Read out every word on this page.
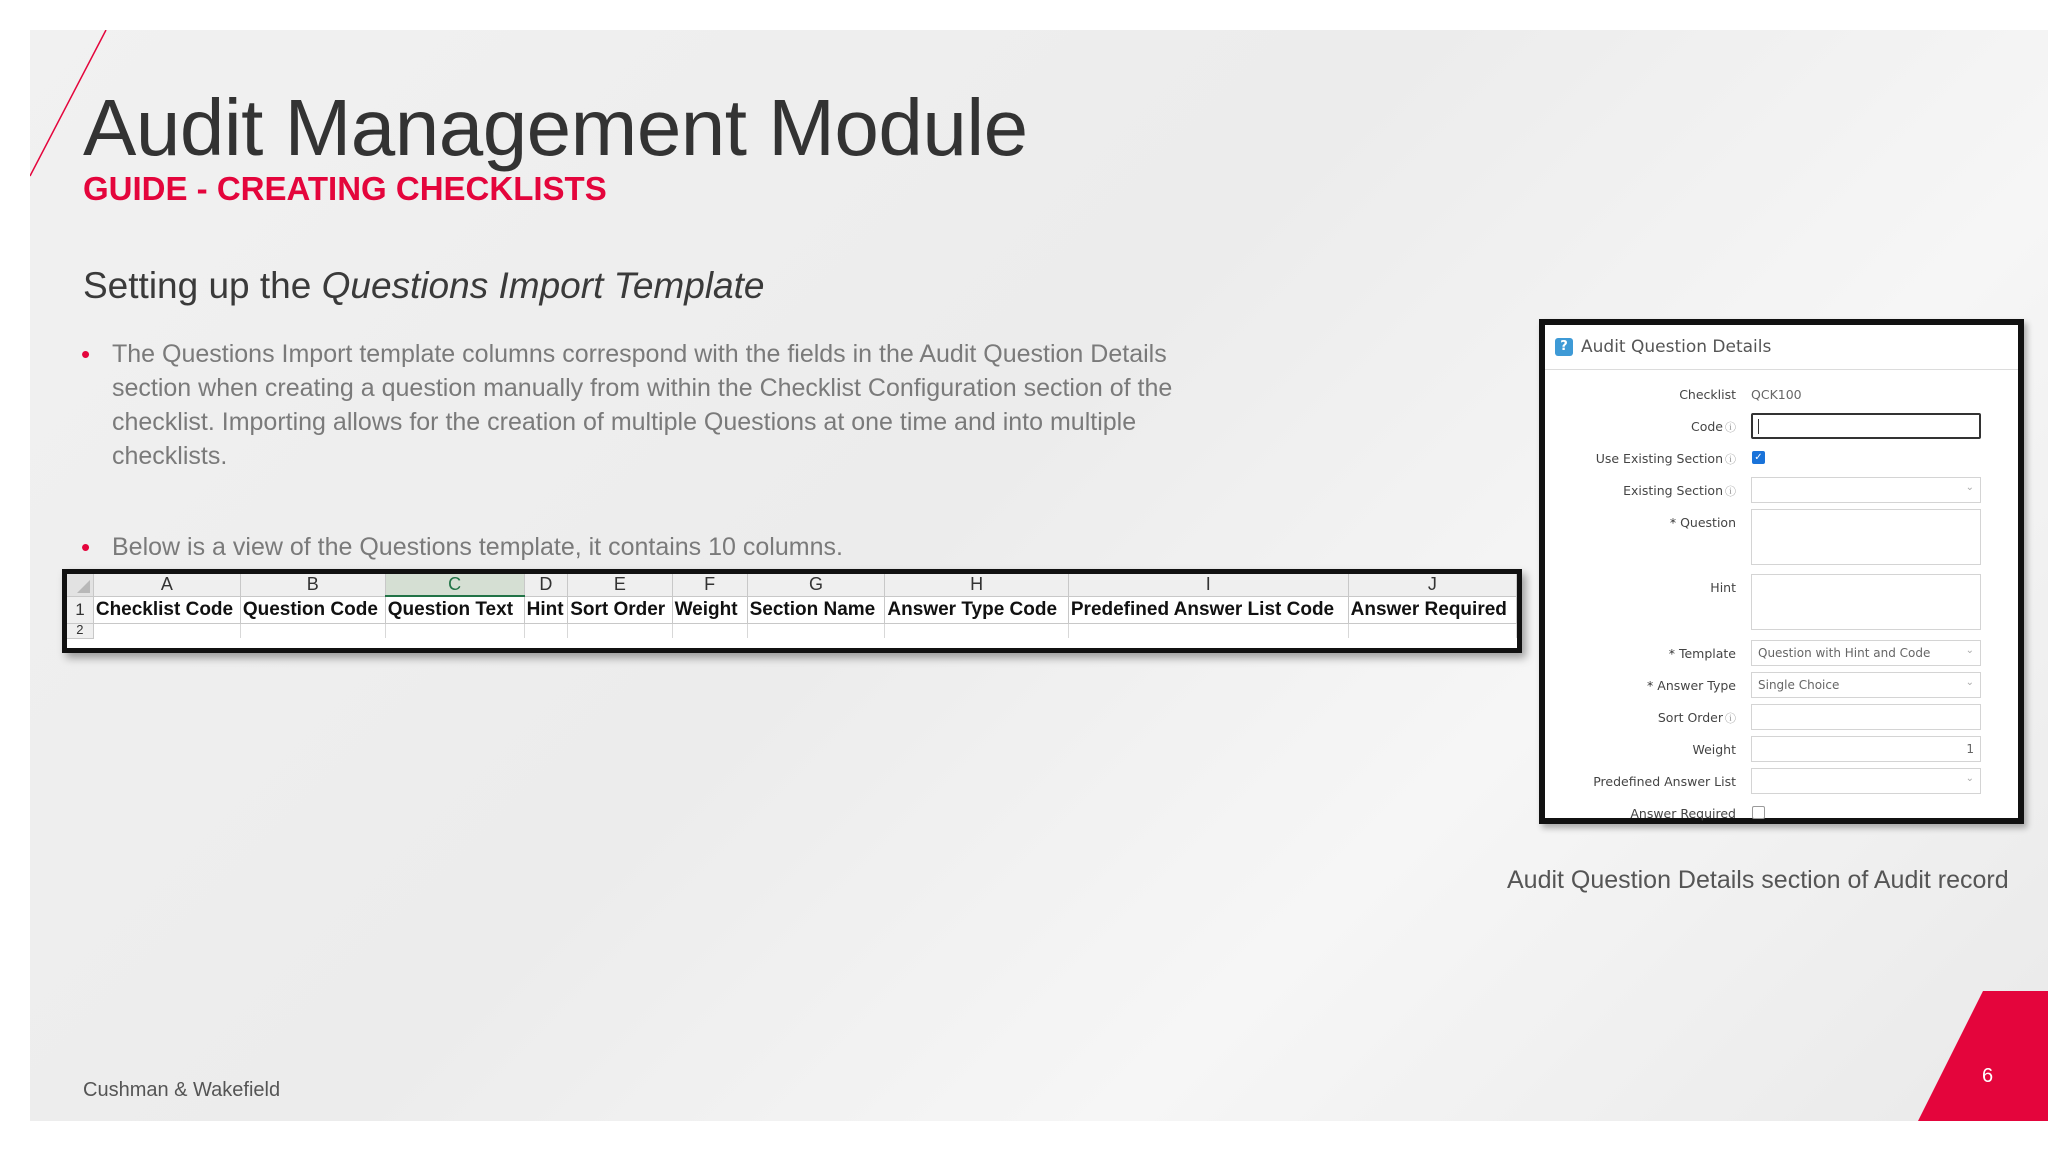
Audit Management Module
GUIDE - CREATING CHECKLISTS
Setting up the Questions Import Template
• The Questions Import template columns correspond with the fields in the Audit Question Details section when creating a question manually from within the Checklist Configuration section of the checklist. Importing allows for the creation of multiple Questions at one time and into multiple checklists.
• Below is a view of the Questions template, it contains 10 columns.
	A	B	C	D	E	F	G	H	I	J
1	Checklist Code	Question Code	Question Text	Hint	Sort Order	Weight	Section Name	Answer Type Code	Predefined Answer List Code	Answer Required
2										
? Audit Question Details
Checklist QCK100
Code ⓘ
Use Existing Section ⓘ ✓
Existing Section ⓘ	⌄
* Question
Hint
* Template	Question with Hint and Code	⌄
* Answer Type	Single Choice	⌄
Sort Order ⓘ
Weight	1
Predefined Answer List	⌄
Answer Required

Audit Question Details section of Audit record

Cushman & Wakefield

6
